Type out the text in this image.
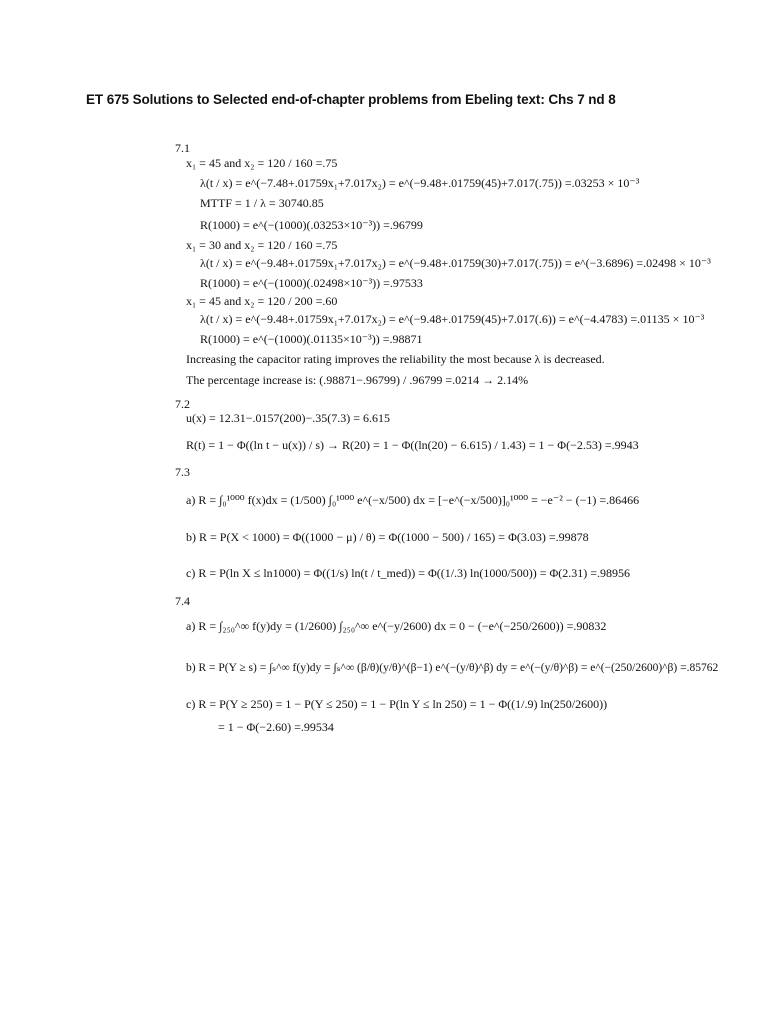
ET 675 Solutions to Selected end-of-chapter problems from Ebeling text: Chs 7 nd 8
7.1
x₁ = 45 and x₂ = 120 / 160 =.75
λ(t / x) = e^(−7.48+.01759x₁+7.017x₂) = e^(−9.48+.01759(45)+7.017(.75)) =.03253 × 10⁻³
MTTF = 1 / λ = 30740.85
R(1000) = e^(−(1000)(.03253×10⁻³)) =.96799
x₁ = 30 and x₂ = 120 / 160 =.75
λ(t / x) = e^(−9.48+.01759x₁+7.017x₂) = e^(−9.48+.01759(30)+7.017(.75)) = e^(−3.6896) =.02498 × 10⁻³
R(1000) = e^(−(1000)(.02498×10⁻³)) =.97533
x₁ = 45 and x₂ = 120 / 200 =.60
λ(t / x) = e^(−9.48+.01759x₁+7.017x₂) = e^(−9.48+.01759(45)+7.017(.6)) = e^(−4.4783) =.01135 × 10⁻³
R(1000) = e^(−(1000)(.01135×10⁻³)) =.98871
Increasing the capacitor rating improves the reliability the most because λ is decreased.
The percentage increase is: (.98871−.96799) / .96799 =.0214 → 2.14%
7.2
u(x) = 12.31−.0157(200)−.35(7.3) = 6.615
R(t) = 1 − Φ((ln t − u(x)) / s) → R(20) = 1 − Φ((ln(20) − 6.615) / 1.43) = 1 − Φ(−2.53) =.9943
7.3
a) R = ∫₀¹⁰⁰⁰ f(x)dx = (1/500) ∫₀¹⁰⁰⁰ e^(−x/500) dx = [−e^(−x/500)]₀¹⁰⁰⁰ = −e⁻² − (−1) =.86466
b) R = P(X < 1000) = Φ((1000 − μ) / θ) = Φ((1000 − 500) / 165) = Φ(3.03) =.99878
c) R = P(ln X ≤ ln1000) = Φ((1/s) ln(t / t_med)) = Φ((1/.3) ln(1000/500)) = Φ(2.31) =.98956
7.4
a) R = ∫₂₅₀^∞ f(y)dy = (1/2600) ∫₂₅₀^∞ e^(−y/2600) dx = 0 − (−e^(−250/2600)) =.90832
b) R = P(Y ≥ s) = ∫ₛ^∞ f(y)dy = ∫ₛ^∞ (β/θ)(y/θ)^(β−1) e^(−(y/θ)^β) dy = e^(−(y/θ)^β) = e^(−(250/2600)^β) =.85762
c) R = P(Y ≥ 250) = 1 − P(Y ≤ 250) = 1 − P(ln Y ≤ ln 250) = 1 − Φ((1/.9) ln(250/2600))
= 1 − Φ(−2.60) =.99534
